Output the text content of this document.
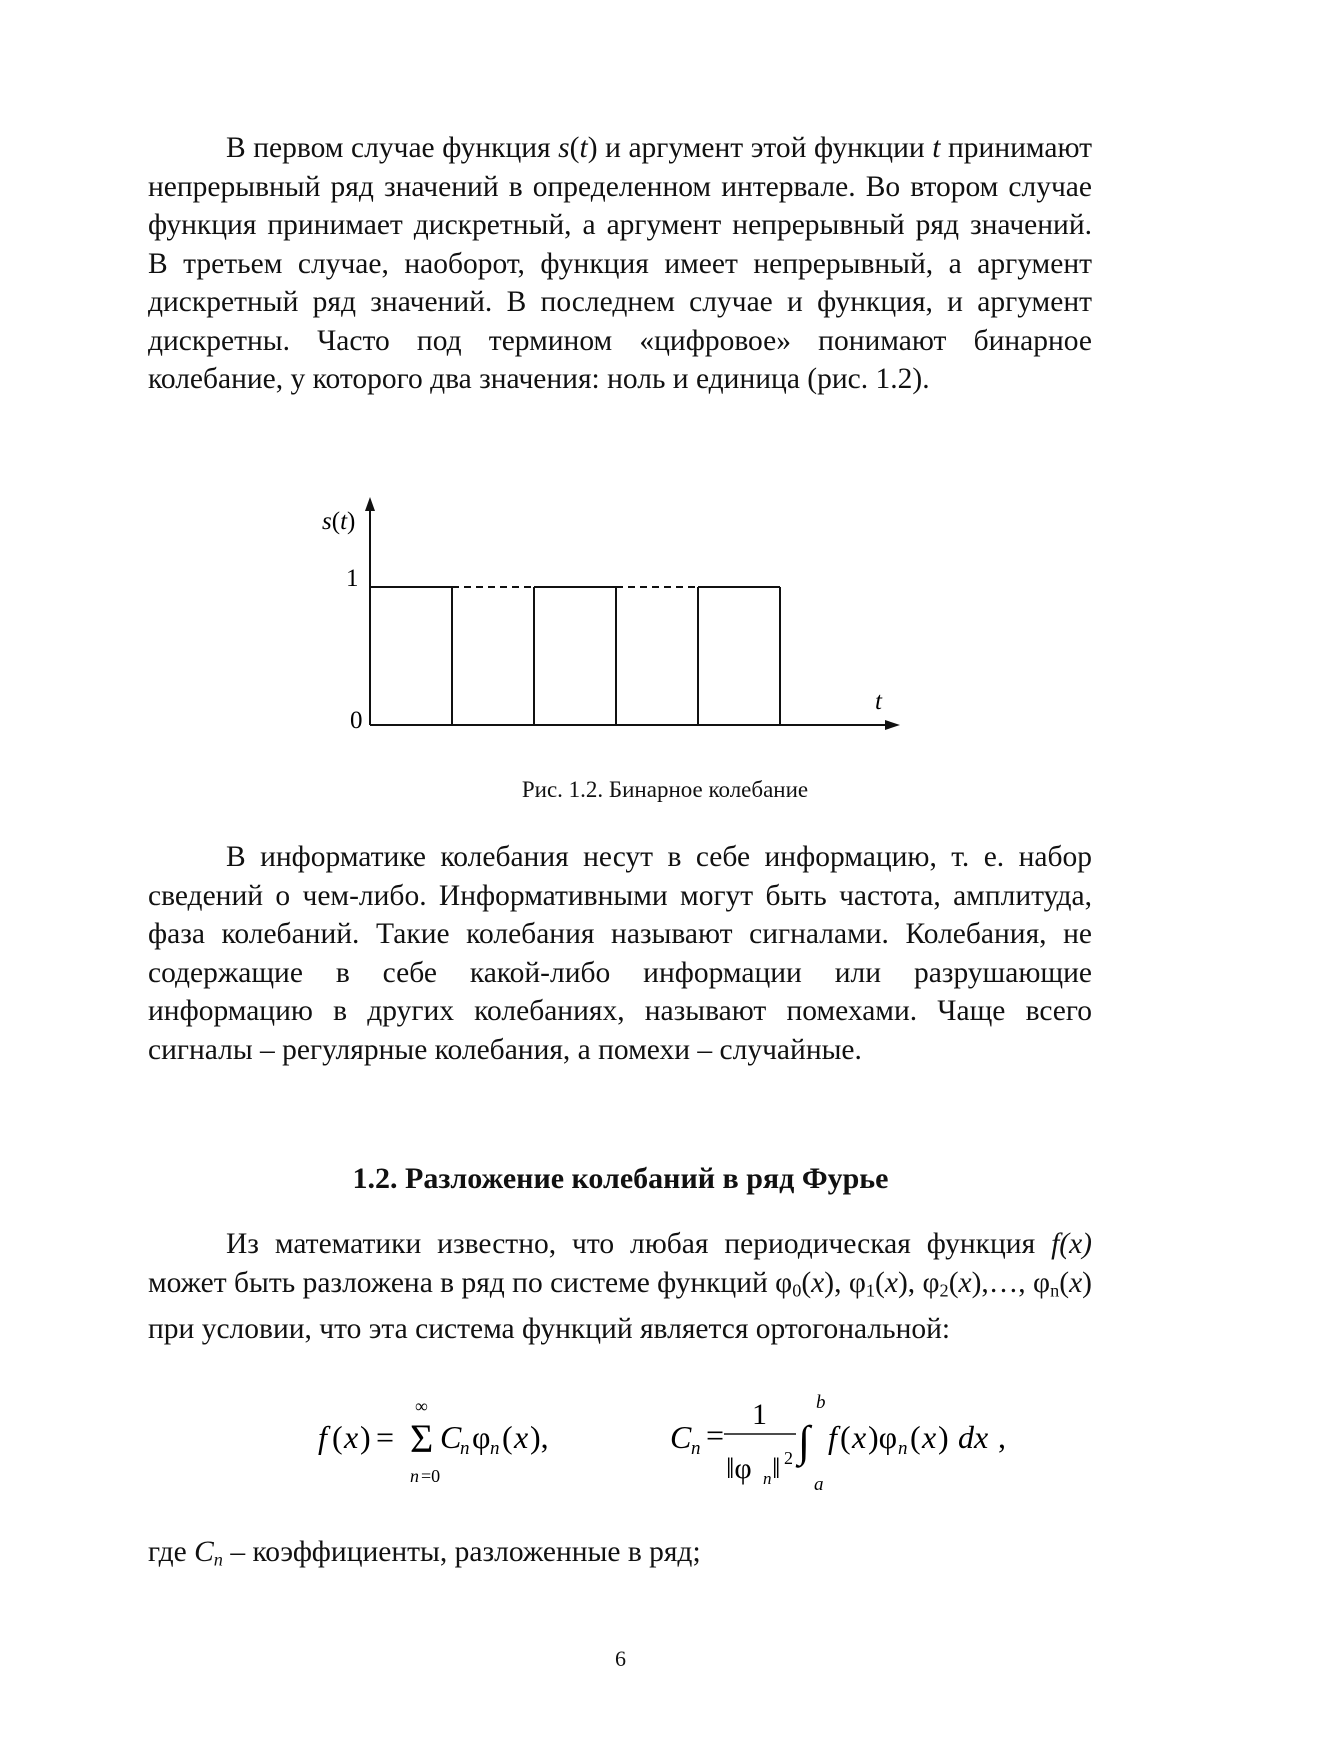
В первом случае функция s(t) и аргумент этой функции t принимают непрерывный ряд значений в определенном интервале. Во втором случае функция принимает дискретный, а аргумент непрерывный ряд значений. В третьем случае, наоборот, функция имеет непрерывный, а аргумент дискретный ряд значений. В последнем случае и функция, и аргумент дискретны. Часто под термином «цифровое» понимают бинарное колебание, у которого два значения: ноль и единица (рис. 1.2).

s(t)
t
1
0
Рис. 1.2. Бинарное колебание

В информатике колебания несут в себе информацию, т. е. набор сведений о чем-либо. Информативными могут быть частота, амплитуда, фаза колебаний. Такие колебания называют сигналами. Колебания, не содержащие в себе какой-либо информации или разрушающие информацию в других колебаниях, называют помехами. Чаще всего сигналы – регулярные колебания, а помехи – случайные.

1.2. Разложение колебаний в ряд Фурье

Из математики известно, что любая периодическая функция f(x) может быть разложена в ряд по системе функций $\varphi_0(x)$, $\varphi_1(x)$, $\varphi_2(x),\dots$, $\varphi_n(x)$ при условии, что эта система функций является ортогональной:

f ( x ) = Σ
∞
n =0
C
n φ n ( x ),	C n =
1
‖φ n ‖ 2 ∫
b
a
f ( x )φ n ( x ) dx ,
где $C_n$ – коэффициенты, разложенные в ряд;
6
